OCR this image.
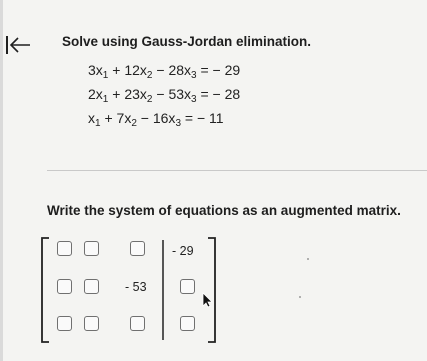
Solve using Gauss-Jordan elimination.
$3x_1 + 12x_2 - 28x_3$ = − 29
$2x_1 + 23x_2 - 53x_3$ = − 28
$x_1 + 7x_2 - 16x_3$ = − 11
Write the system of equations as an augmented matrix.
- 29
- 53
